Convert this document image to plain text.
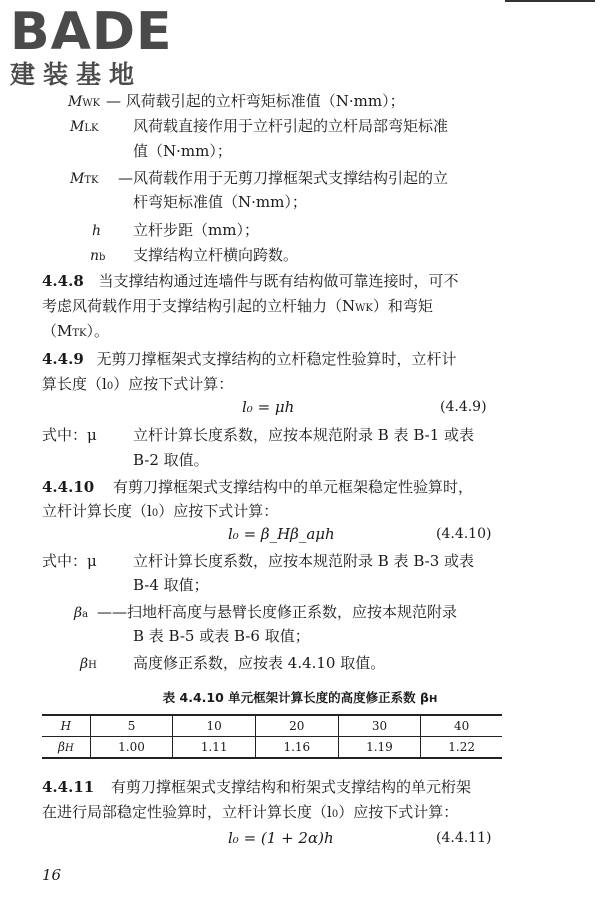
BADE
建装基地
MWK — 风荷载引起的立杆弯矩标准值（N·mm）；
MLK 风荷载直接作用于立杆引起的立杆局部弯矩标准
值（N·mm）；
MTK —风荷载作用于无剪刀撑框架式支撑结构引起的立
杆弯矩标准值（N·mm）；
h 立杆步距（mm）；
nb 支撑结构立杆横向跨数。
4.4.8 当支撑结构通过连墙件与既有结构做可靠连接时，可不
考虑风荷载作用于支撑结构引起的立杆轴力（NWK）和弯矩
（MTK）。
4.4.9 无剪刀撑框架式支撑结构的立杆稳定性验算时，立杆计
算长度（l0）应按下式计算：
l₀ = μh	(4.4.9)
式中：μ 立杆计算长度系数，应按本规范附录 B 表 B-1 或表
B-2 取值。
4.4.10 有剪刀撑框架式支撑结构中的单元框架稳定性验算时，
立杆计算长度（l0）应按下式计算：
l₀ = β_Hβ_aμh	(4.4.10)
式中：μ 立杆计算长度系数，应按本规范附录 B 表 B-3 或表
B-4 取值；
βa ——扫地杆高度与悬臂长度修正系数，应按本规范附录
B 表 B-5 或表 B-6 取值；
βH 高度修正系数，应按表 4.4.10 取值。
表 4.4.10 单元框架计算长度的高度修正系数 βH
H	5	10	20	30	40
βH	1.00	1.11	1.16	1.19	1.22
4.4.11 有剪刀撑框架式支撑结构和桁架式支撑结构的单元桁架
在进行局部稳定性验算时，立杆计算长度（l0）应按下式计算：
l₀ = (1 + 2α)h	(4.4.11)
16
